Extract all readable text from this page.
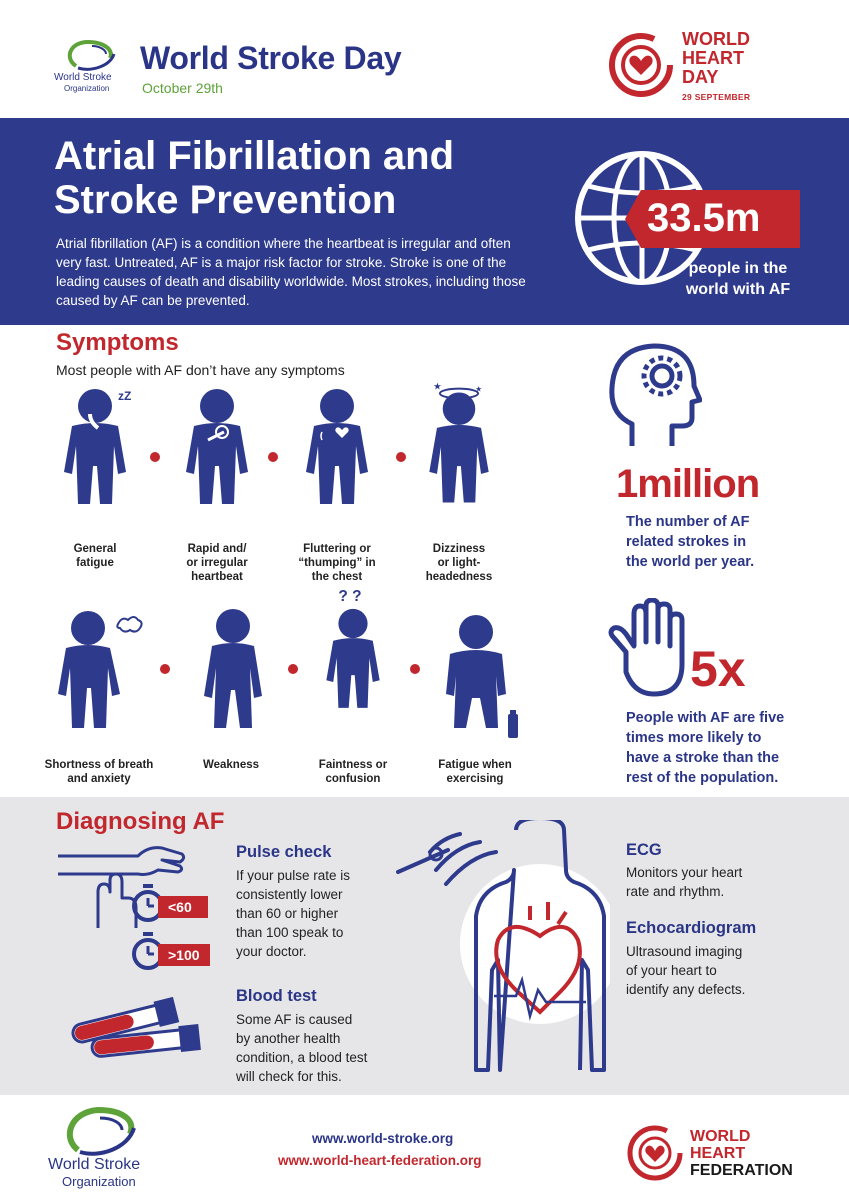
World Stroke
Organization
World Stroke Day
October 29th
WORLD
HEART
DAY
29 SEPTEMBER
Atrial Fibrillation and
Stroke Prevention
Atrial fibrillation (AF) is a condition where the heartbeat is irregular and often very fast. Untreated, AF is a major risk factor for stroke. Stroke is one of the leading causes of death and disability worldwide. Most strokes, including those caused by AF can be prevented.
33.5m
people in the
world with AF
Symptoms
Most people with AF don’t have any symptoms
zZ
★	★
General
fatigue
Rapid and/
or irregular
heartbeat
Fluttering or
“thumping” in
the chest
Dizziness
or light-
headedness
? ?
Shortness of breath
and anxiety
Weakness	Faintness or
confusion
Fatigue when
exercising
1million
The number of AF
related strokes in
the world per year.
5x
People with AF are five
times more likely to
have a stroke than the
rest of the population.
Diagnosing AF
<60
>100
Pulse check
If your pulse rate is
consistently lower
than 60 or higher
than 100 speak to
your doctor.
Blood test
Some AF is caused
by another health
condition, a blood test
will check for this.
ECG
Monitors your heart
rate and rhythm.
Echocardiogram
Ultrasound imaging
of your heart to
identify any defects.
World Stroke
Organization
www.world-stroke.org
www.world-heart-federation.org
WORLD
HEART
FEDERATION
